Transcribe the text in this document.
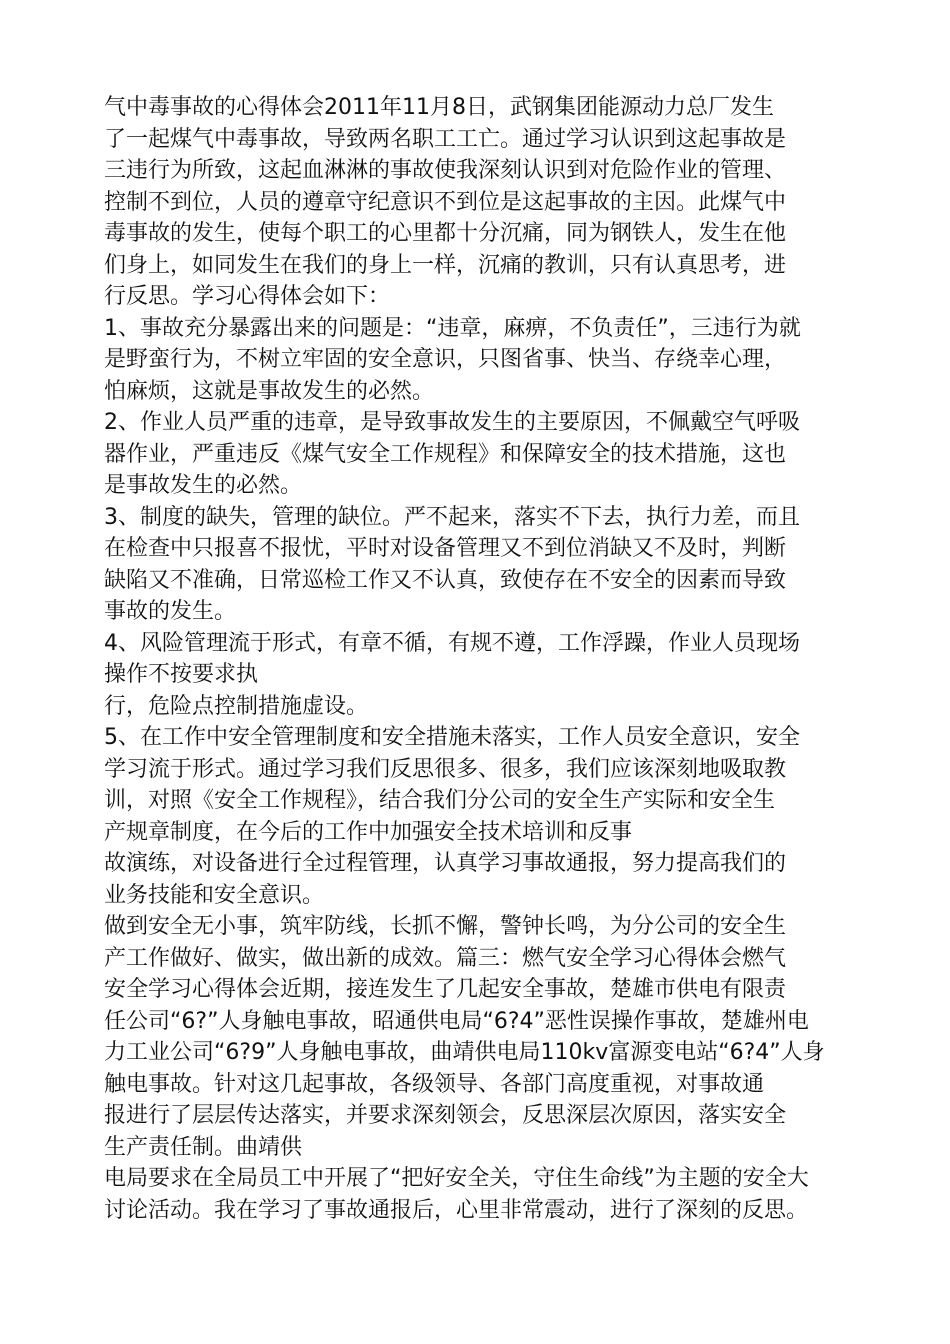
气中毒事故的心得体会2011年11月8日，武钢集团能源动力总厂发生
了一起煤气中毒事故，导致两名职工工亡。通过学习认识到这起事故是
三违行为所致，这起血淋淋的事故使我深刻认识到对危险作业的管理、
控制不到位，人员的遵章守纪意识不到位是这起事故的主因。此煤气中
毒事故的发生，使每个职工的心里都十分沉痛，同为钢铁人，发生在他
们身上，如同发生在我们的身上一样，沉痛的教训，只有认真思考，进
行反思。学习心得体会如下：
1、事故充分暴露出来的问题是：“违章，麻痹，不负责任”，三违行为就
是野蛮行为，不树立牢固的安全意识，只图省事、快当、存绕幸心理，
怕麻烦，这就是事故发生的必然。
2、作业人员严重的违章，是导致事故发生的主要原因，不佩戴空气呼吸
器作业，严重违反《煤气安全工作规程》和保障安全的技术措施，这也
是事故发生的必然。
3、制度的缺失，管理的缺位。严不起来，落实不下去，执行力差，而且
在检查中只报喜不报忧，平时对设备管理又不到位消缺又不及时，判断
缺陷又不准确，日常巡检工作又不认真，致使存在不安全的因素而导致
事故的发生。
4、风险管理流于形式，有章不循，有规不遵，工作浮躁，作业人员现场
操作不按要求执
行，危险点控制措施虚设。
5、在工作中安全管理制度和安全措施未落实，工作人员安全意识，安全
学习流于形式。通过学习我们反思很多、很多，我们应该深刻地吸取教
训，对照《安全工作规程》，结合我们分公司的安全生产实际和安全生
产规章制度，在今后的工作中加强安全技术培训和反事
故演练，对设备进行全过程管理，认真学习事故通报，努力提高我们的
业务技能和安全意识。
做到安全无小事，筑牢防线，长抓不懈，警钟长鸣，为分公司的安全生
产工作做好、做实，做出新的成效。篇三：燃气安全学习心得体会燃气
安全学习心得体会近期，接连发生了几起安全事故，楚雄市供电有限责
任公司“6?”人身触电事故，昭通供电局“6?4”恶性误操作事故，楚雄州电
力工业公司“6?9”人身触电事故，曲靖供电局110kv富源变电站“6?4”人身
触电事故。针对这几起事故，各级领导、各部门高度重视，对事故通
报进行了层层传达落实，并要求深刻领会，反思深层次原因，落实安全
生产责任制。曲靖供
电局要求在全局员工中开展了“把好安全关，守住生命线”为主题的安全大
讨论活动。我在学习了事故通报后，心里非常震动，进行了深刻的反思。
